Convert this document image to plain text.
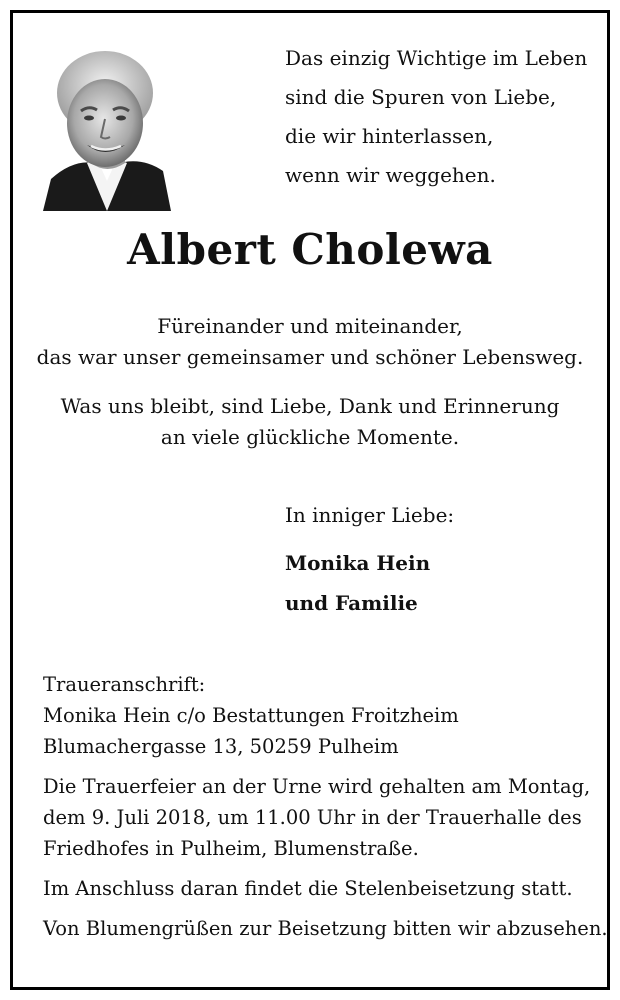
Das einzig Wichtige im Leben
sind die Spuren von Liebe,
die wir hinterlassen,
wenn wir weggehen.
Albert Cholewa
Füreinander und miteinander,
das war unser gemeinsamer und schöner Lebensweg.
Was uns bleibt, sind Liebe, Dank und Erinnerung
an viele glückliche Momente.
In inniger Liebe:
Monika Hein
und Familie
Traueranschrift:
Monika Hein c/o Bestattungen Froitzheim
Blumachergasse 13, 50259 Pulheim
Die Trauerfeier an der Urne wird gehalten am Montag,
dem 9. Juli 2018, um 11.00 Uhr in der Trauerhalle des
Friedhofes in Pulheim, Blumenstraße.
Im Anschluss daran findet die Stelenbeisetzung statt.
Von Blumengrüßen zur Beisetzung bitten wir abzusehen.
